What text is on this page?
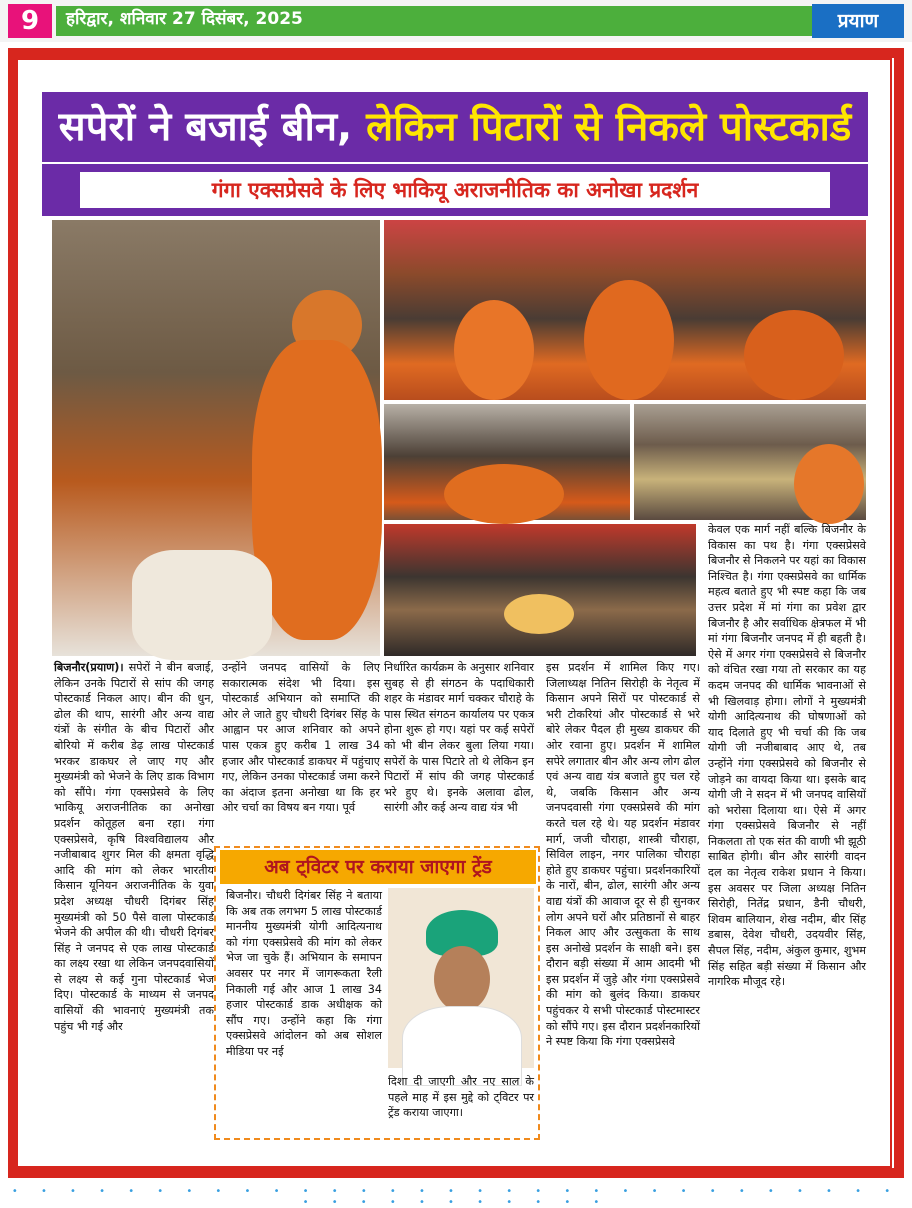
9	हरिद्वार, शनिवार 27 दिसंबर, 2025	प्रयाण
सपेरों ने बजाई बीन, लेकिन पिटारों से निकले पोस्टकार्ड
गंगा एक्सप्रेसवे के लिए भाकियू अराजनीतिक का अनोखा प्रदर्शन
बिजनौर(प्रयाण)। सपेरों ने बीन बजाई, लेकिन उनके पिटारों से सांप की जगह पोस्टकार्ड निकल आए। बीन की धुन, ढोल की थाप, सारंगी और अन्य वाद्य यंत्रों के संगीत के बीच पिटारों और बोरियो में करीब डेढ़ लाख पोस्टकार्ड भरकर डाकघर ले जाए गए और मुख्यमंत्री को भेजने के लिए डाक विभाग को सौंपे। गंगा एक्सप्रेसवे के लिए भाकियू अराजनीतिक का अनोखा प्रदर्शन कोतूहल बना रहा। गंगा एक्सप्रेसवे, कृषि विश्वविद्यालय और नजीबाबाद शुगर मिल की क्षमता वृद्धि आदि की मांग को लेकर भारतीय किसान यूनियन अराजनीतिक के युवा प्रदेश अध्यक्ष चौधरी दिगंबर सिंह मुख्यमंत्री को 50 पैसे वाला पोस्टकार्ड भेजने की अपील की थी। चौधरी दिगंबर सिंह ने जनपद से एक लाख पोस्टकार्ड का लक्ष्य रखा था लेकिन जनपदवासियों से लक्ष्य से कई गुना पोस्टकार्ड भेज दिए। पोस्टकार्ड के माध्यम से जनपद वासियों की भावनाएं मुख्यमंत्री तक पहुंच भी गई और
उन्होंने जनपद वासियों के लिए सकारात्मक संदेश भी दिया। इस पोस्टकार्ड अभियान को समाप्ति की ओर ले जाते हुए चौधरी दिगंबर सिंह के आह्वान पर आज शनिवार को अपने पास एकत्र हुए करीब 1 लाख 34 हजार और पोस्टकार्ड डाकघर में पहुंचाए गए, लेकिन उनका पोस्टकार्ड जमा करने का अंदाज इतना अनोखा था कि हर ओर चर्चा का विषय बन गया। पूर्व
निर्धारित कार्यक्रम के अनुसार शनिवार सुबह से ही संगठन के पदाधिकारी शहर के मंडावर मार्ग चक्कर चौराहे के पास स्थित संगठन कार्यालय पर एकत्र होना शुरू हो गए। यहां पर कई सपेरों को भी बीन लेकर बुला लिया गया। सपेरों के पास पिटारे तो थे लेकिन इन पिटारों में सांप की जगह पोस्टकार्ड भरे हुए थे। इनके अलावा ढोल, सारंगी और कई अन्य वाद्य यंत्र भी
इस प्रदर्शन में शामिल किए गए। जिलाध्यक्ष नितिन सिरोही के नेतृत्व में किसान अपने सिरों पर पोस्टकार्ड से भरी टोकरियां और पोस्टकार्ड से भरे बोरे लेकर पैदल ही मुख्य डाकघर की ओर रवाना हुए। प्रदर्शन में शामिल सपेरे लगातार बीन और अन्य लोग ढोल एवं अन्य वाद्य यंत्र बजाते हुए चल रहे थे, जबकि किसान और अन्य जनपदवासी गंगा एक्सप्रेसवे की मांग करते चल रहे थे। यह प्रदर्शन मंडावर मार्ग, जजी चौराहा, शास्त्री चौराहा, सिविल लाइन, नगर पालिका चौराहा होते हुए डाकघर पहुंचा। प्रदर्शनकारियों के नारों, बीन, ढोल, सारंगी और अन्य वाद्य यंत्रों की आवाज दूर से ही सुनकर लोग अपने घरों और प्रतिष्ठानों से बाहर निकल आए और उत्सुकता के साथ इस अनोखे प्रदर्शन के साक्षी बने। इस दौरान बड़ी संख्या में आम आदमी भी इस प्रदर्शन में जुड़े और गंगा एक्सप्रेसवे की मांग को बुलंद किया। डाकघर पहुंचकर ये सभी पोस्टकार्ड पोस्टमास्टर को सौंपे गए। इस दौरान प्रदर्शनकारियों ने स्पष्ट किया कि गंगा एक्सप्रेसवे
केवल एक मार्ग नहीं बल्कि बिजनौर के विकास का पथ है। गंगा एक्सप्रेसवे बिजनौर से निकलने पर यहां का विकास निश्चित है। गंगा एक्सप्रेसवे का धार्मिक महत्व बताते हुए भी स्पष्ट कहा कि जब उत्तर प्रदेश में मां गंगा का प्रवेश द्वार बिजनौर है और सर्वाधिक क्षेत्रफल में भी मां गंगा बिजनौर जनपद में ही बहती है। ऐसे में अगर गंगा एक्सप्रेसवे से बिजनौर को वंचित रखा गया तो सरकार का यह कदम जनपद की धार्मिक भावनाओं से भी खिलवाड़ होगा। लोगों ने मुख्यमंत्री योगी आदित्यनाथ की घोषणाओं को याद दिलाते हुए भी चर्चा की कि जब योगी जी नजीबाबाद आए थे, तब उन्होंने गंगा एक्सप्रेसवे को बिजनौर से जोड़ने का वायदा किया था। इसके बाद योगी जी ने सदन में भी जनपद वासियों को भरोसा दिलाया था। ऐसे में अगर गंगा एक्सप्रेसवे बिजनौर से नहीं निकलता तो एक संत की वाणी भी झूठी साबित होगी। बीन और सारंगी वादन दल का नेतृत्व राकेश प्रधान ने किया। इस अवसर पर जिला अध्यक्ष नितिन सिरोही, नितेंद्र प्रधान, डैनी चौधरी, शिवम बालियान, शेख नदीम, बीर सिंह डबास, देवेश चौधरी, उदयवीर सिंह, सैपल सिंह, नदीम, अंकुल कुमार, शुभम सिंह सहित बड़ी संख्या में किसान और नागरिक मौजूद रहे।
अब ट्विटर पर कराया जाएगा ट्रेंड
बिजनौर। चौधरी दिगंबर सिंह ने बताया कि अब तक लगभग 5 लाख पोस्टकार्ड माननीय मुख्यमंत्री योगी आदित्यनाथ को गंगा एक्सप्रेसवे की मांग को लेकर भेज जा चुके हैं। अभियान के समापन अवसर पर नगर में जागरूकता रैली निकाली गई और आज 1 लाख 34 हजार पोस्टकार्ड डाक अधीक्षक को सौंप गए। उन्होंने कहा कि गंगा एक्सप्रेसवे आंदोलन को अब सोशल मीडिया पर नई
दिशा दी जाएगी और नए साल के पहले माह में इस मुद्दे को ट्विटर पर ट्रेंड कराया जाएगा।
• • • • • • • • • • • • • • • • • • • • • • • • • • • • • • • • • • • • • • • • • •
